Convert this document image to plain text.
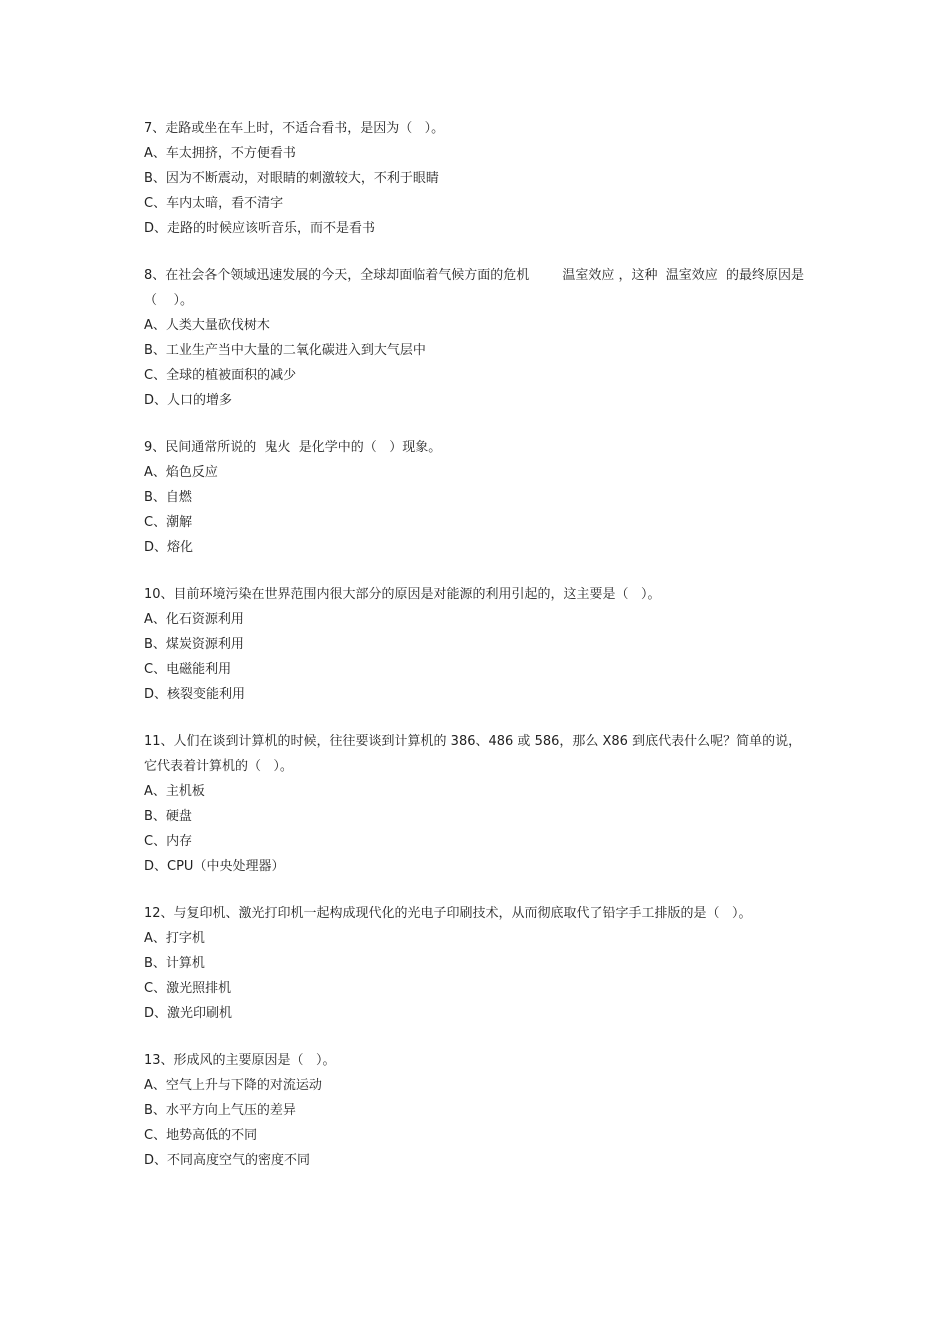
7、走路或坐在车上时，不适合看书，是因为（   ）。

A、车太拥挤，不方便看书
B、因为不断震动，对眼睛的刺激较大，不利于眼睛
C、车内太暗，看不清字
D、走路的时候应该听音乐，而不是看书

8、在社会各个领域迅速发展的今天，全球却面临着气候方面的危机        温室效应 ，这种  温室效应  的最终原因是（    ）。

A、人类大量砍伐树木
B、工业生产当中大量的二氧化碳进入到大气层中
C、全球的植被面积的减少
D、人口的增多

9、民间通常所说的  鬼火  是化学中的（   ）现象。

A、焰色反应
B、自燃
C、潮解
D、熔化

10、目前环境污染在世界范围内很大部分的原因是对能源的利用引起的，这主要是（   ）。

A、化石资源利用
B、煤炭资源利用
C、电磁能利用
D、核裂变能利用

11、人们在谈到计算机的时候，往往要谈到计算机的 386、486 或 586，那么 X86 到底代表什么呢？简单的说，它代表着计算机的（   ）。

A、主机板
B、硬盘
C、内存
D、CPU（中央处理器）

12、与复印机、激光打印机一起构成现代化的光电子印刷技术，从而彻底取代了铅字手工排版的是（   ）。

A、打字机
B、计算机
C、激光照排机
D、激光印刷机

13、形成风的主要原因是（   ）。

A、空气上升与下降的对流运动
B、水平方向上气压的差异
C、地势高低的不同
D、不同高度空气的密度不同
